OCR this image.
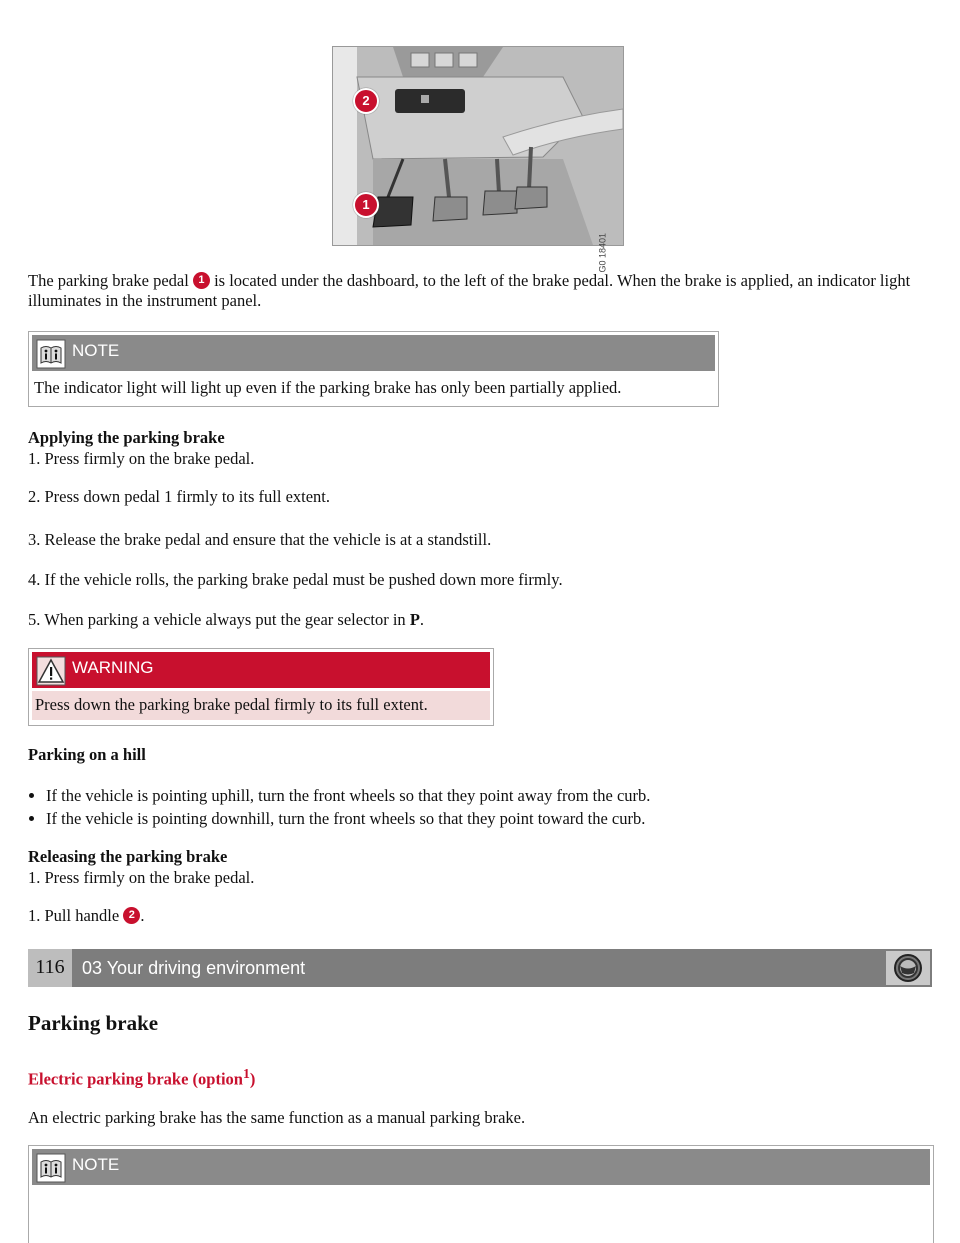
2
1
G0 18401

The parking brake pedal 1 is located under the dashboard, to the left of the brake pedal. When the brake is applied, an indicator light illuminates in the instrument panel.

NOTE
The indicator light will light up even if the parking brake has only been partially applied.

Applying the parking brake

1. Press firmly on the brake pedal.

2. Press down pedal 1 firmly to its full extent.

3. Release the brake pedal and ensure that the vehicle is at a standstill.

4. If the vehicle rolls, the parking brake pedal must be pushed down more firmly.

5. When parking a vehicle always put the gear selector in P.

WARNING
Press down the parking brake pedal firmly to its full extent.

Parking on a hill

• If the vehicle is pointing uphill, turn the front wheels so that they point away from the curb.
• If the vehicle is pointing downhill, turn the front wheels so that they point toward the curb.

Releasing the parking brake

1. Press firmly on the brake pedal.

1. Pull handle 2 .

116 03 Your driving environment
Parking brake

Electric parking brake (option$^1$)

An electric parking brake has the same function as a manual parking brake.

NOTE
